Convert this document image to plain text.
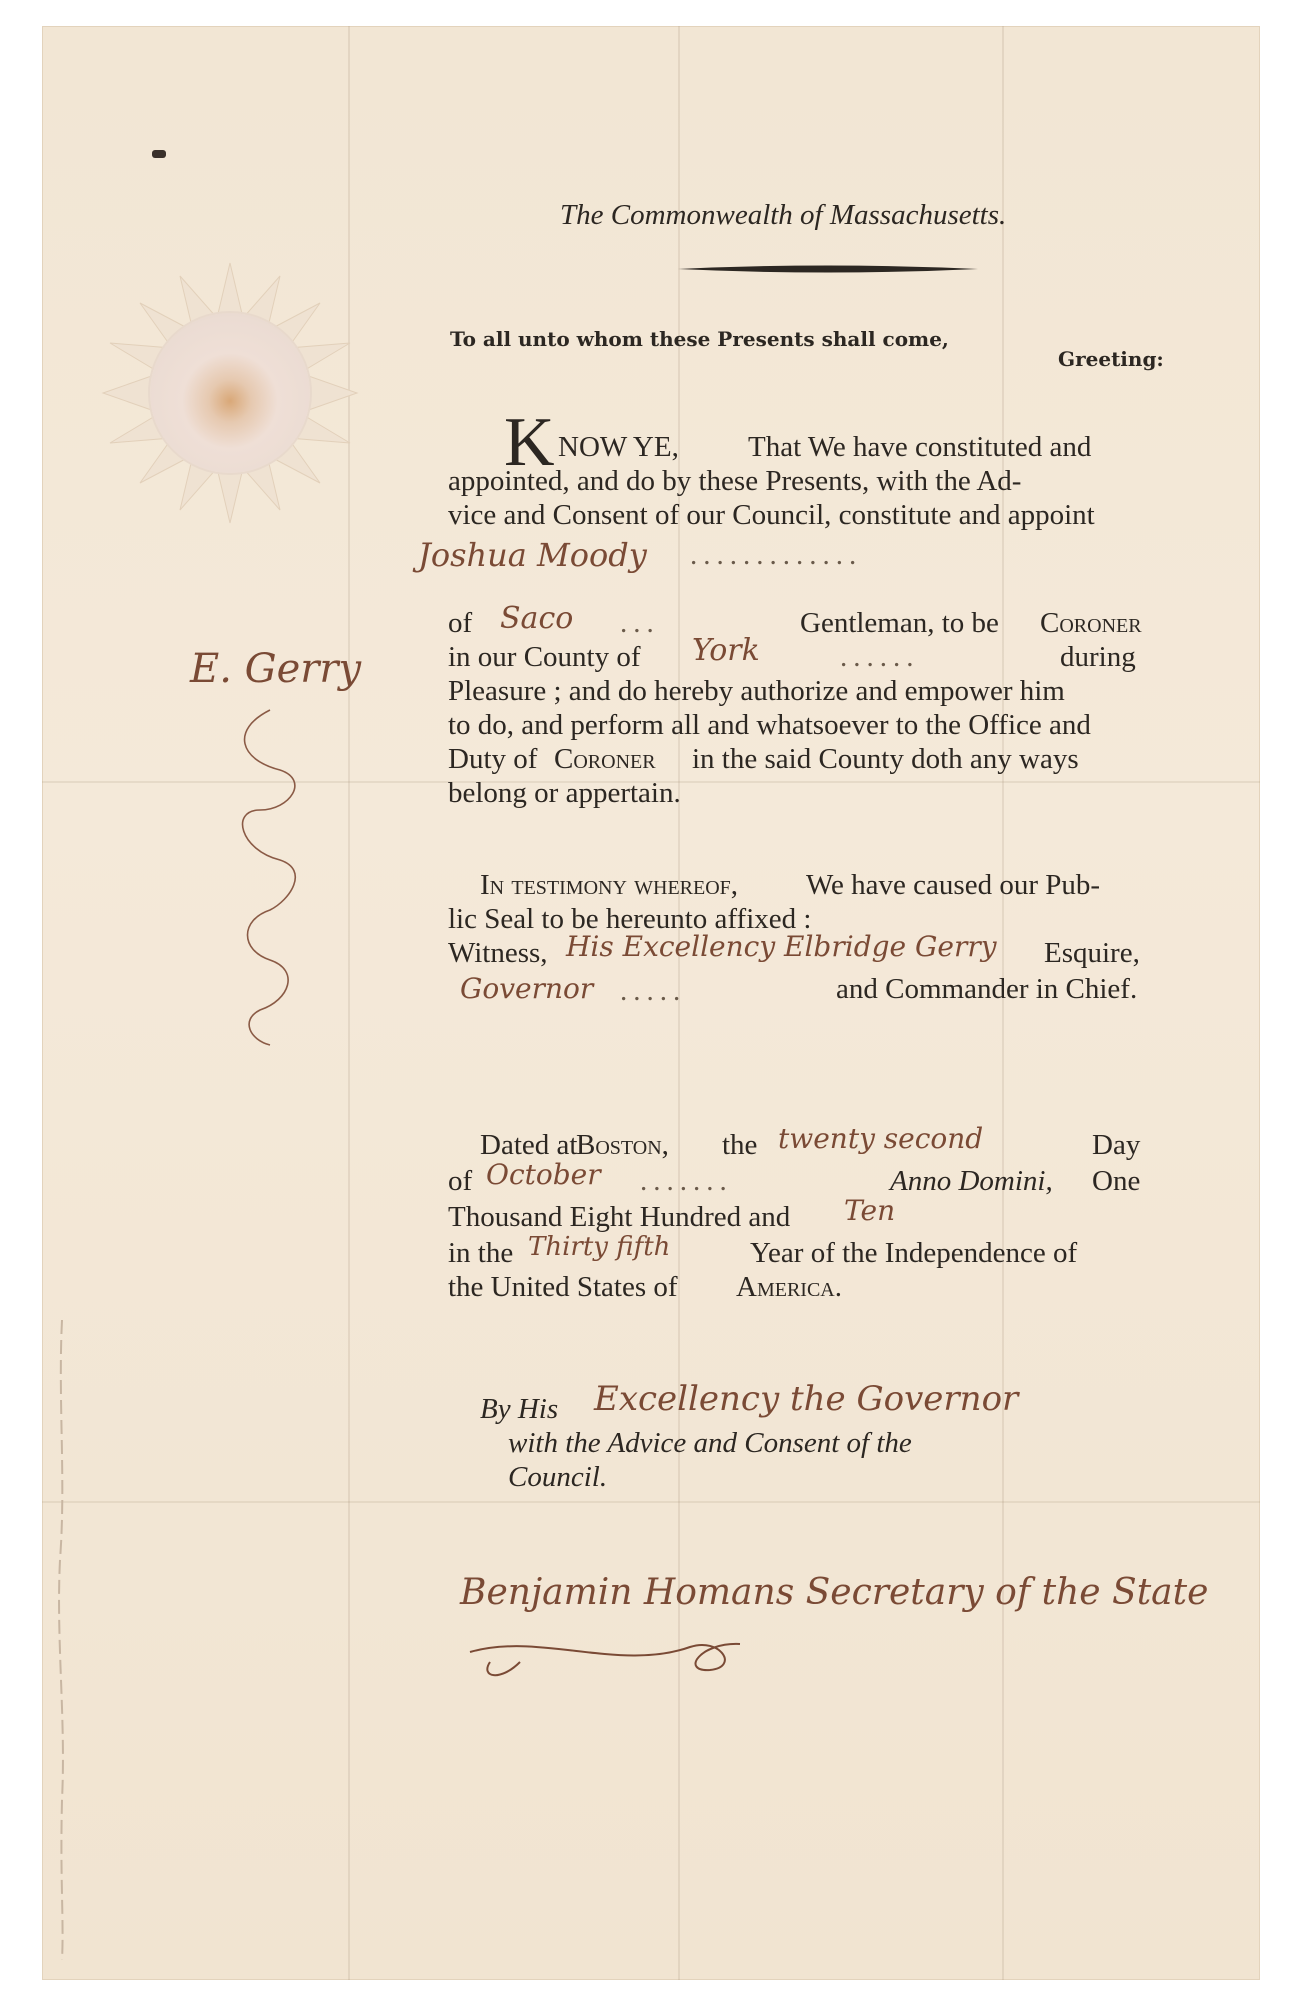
The Commonwealth of Massachusetts.
To all unto whom these Presents shall come,
Greeting:
K NOW YE, That We have constituted and
appointed, and do by these Presents, with the Ad-
vice and Consent of our Council, constitute and appoint
Joshua Moody .............
of Saco ...	Gentleman, to be Coroner
in our County of York	......	during
Pleasure ; and do hereby authorize and empower him
to do, and perform all and whatsoever to the Office and
Duty of Coroner in the said County doth any ways
belong or appertain.
In testimony whereof, We have caused our Pub-
lic Seal to be hereunto affixed :
Witness, His Excellency Elbridge Gerry Esquire,
Governor .....	and Commander in Chief.
Dated at
Boston, the twenty second	Day
of October .......	Anno Domini, One
Thousand Eight Hundred and Ten
in the Thirty fifth	Year of the Independence of
the United States of America.
By His Excellency the Governor
with the Advice and Consent of the
Council.
Benjamin Homans Secretary of the State
E. Gerry
